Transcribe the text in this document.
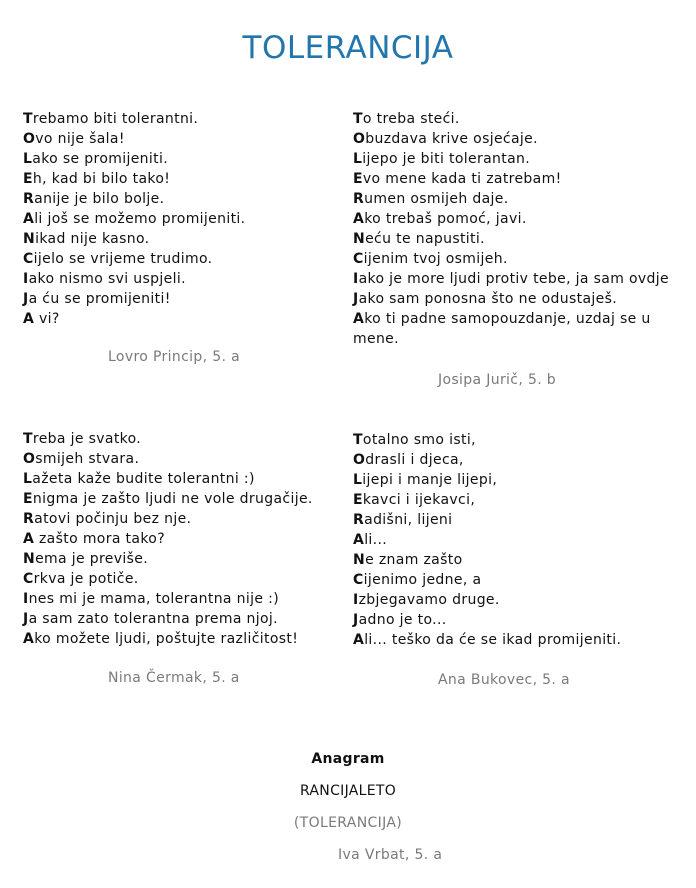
TOLERANCIJA
Trebamo biti tolerantni.
Ovo nije šala!
Lako se promijeniti.
Eh, kad bi bilo tako!
Ranije je bilo bolje.
Ali još se možemo promijeniti.
Nikad nije kasno.
Cijelo se vrijeme trudimo.
Iako nismo svi uspjeli.
Ja ću se promijeniti!
A vi?
Lovro Princip, 5. a
To treba steći.
Obuzdava krive osjećaje.
Lijepo je biti tolerantan.
Evo mene kada ti zatrebam!
Rumen osmijeh daje.
Ako trebaš pomoć, javi.
Neću te napustiti.
Cijenim tvoj osmijeh.
Iako je more ljudi protiv tebe, ja sam ovdje
Jako sam ponosna što ne odustaješ.
Ako ti padne samopouzdanje, uzdaj se u mene.
Josipa Jurič, 5. b
Treba je svatko.
Osmijeh stvara.
Lažeta kaže budite tolerantni :)
Enigma je zašto ljudi ne vole drugačije.
Ratovi počinju bez nje.
A zašto mora tako?
Nema je previše.
Crkva je potiče.
Ines mi je mama, tolerantna nije :)
Ja sam zato tolerantna prema njoj.
Ako možete ljudi, poštujte različitost!
Nina Čermak, 5. a
Totalno smo isti,
Odrasli i djeca,
Lijepi i manje lijepi,
Ekavci i ijekavci,
Radišni, lijeni
Ali...
Ne znam zašto
Cijenimo jedne, a
Izbjegavamo druge.
Jadno je to...
Ali... teško da će se ikad promijeniti.
Ana Bukovec, 5. a
Anagram
RANCIJALETO
(TOLERANCIJA)
Iva Vrbat, 5. a
